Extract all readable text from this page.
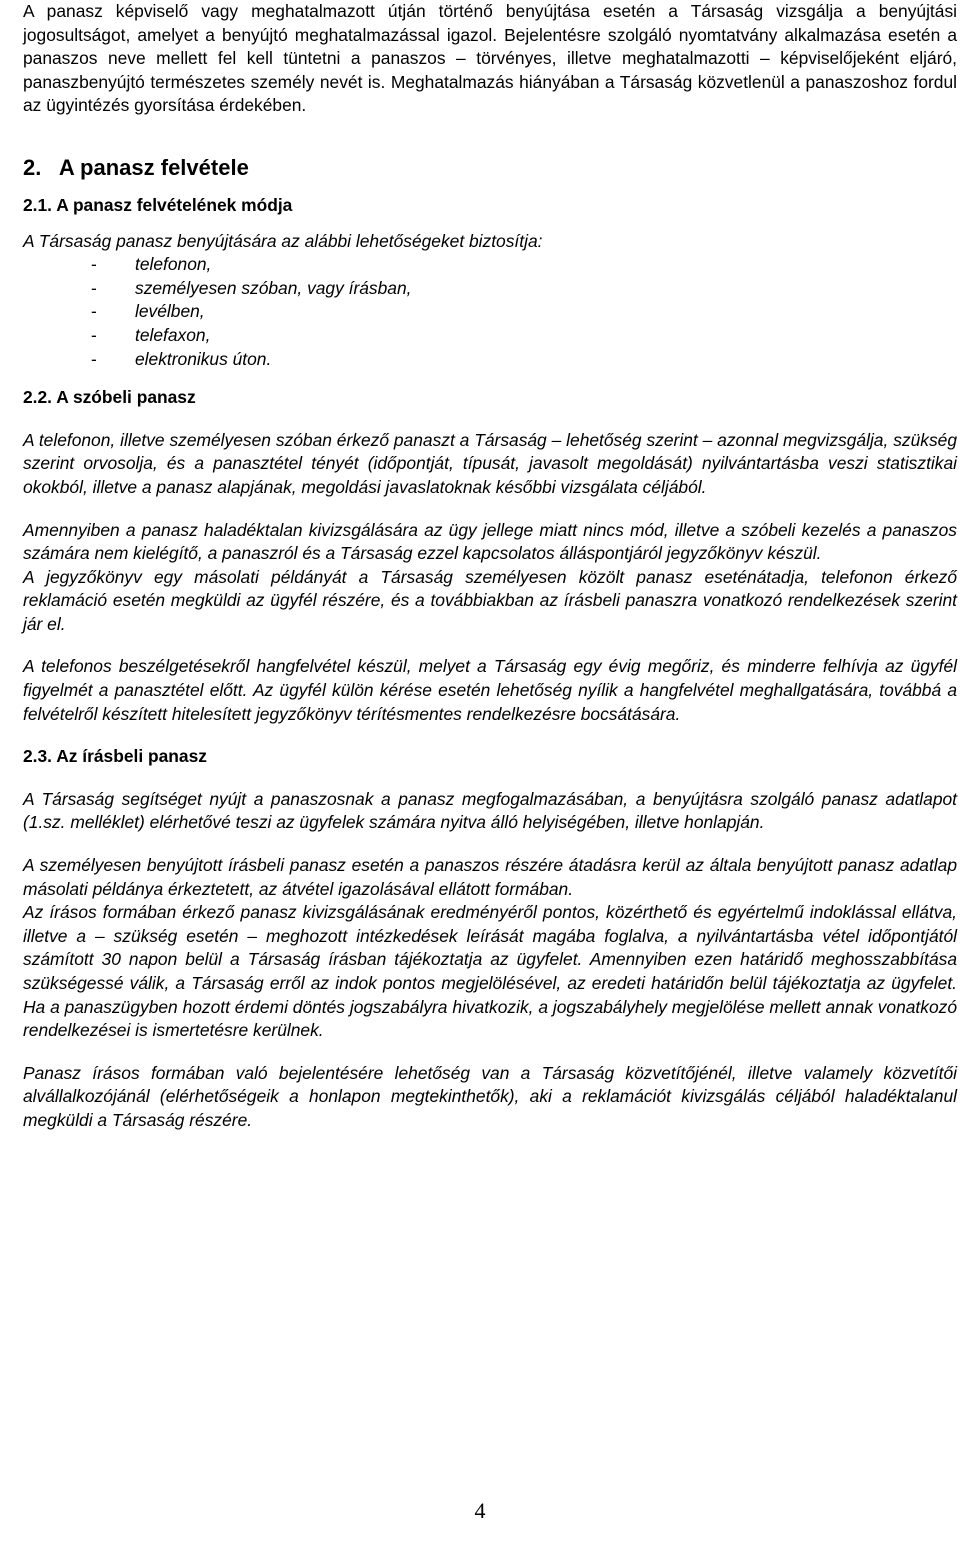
A panasz képviselő vagy meghatalmazott útján történő benyújtása esetén a Társaság vizsgálja a benyújtási jogosultságot, amelyet a benyújtó meghatalmazással igazol. Bejelentésre szolgáló nyomtatvány alkalmazása esetén a panaszos neve mellett fel kell tüntetni a panaszos – törvényes, illetve meghatalmazotti – képviselőjeként eljáró, panaszbenyújtó természetes személy nevét is. Meghatalmazás hiányában a Társaság közvetlenül a panaszoshoz fordul az ügyintézés gyorsítása érdekében.

2.   A panasz felvétele
2.1. A panasz felvételének módja

A Társaság panasz benyújtására az alábbi lehetőségeket biztosítja:

- telefonon,
- személyesen szóban, vagy írásban,
- levélben,
- telefaxon,
- elektronikus úton.
2.2. A szóbeli panasz

A telefonon, illetve személyesen szóban érkező panaszt a Társaság – lehetőség szerint – azonnal megvizsgálja, szükség szerint orvosolja, és a panasztétel tényét (időpontját, típusát, javasolt megoldását) nyilvántartásba veszi statisztikai okokból, illetve a panasz alapjának, megoldási javaslatoknak későbbi vizsgálata céljából.

Amennyiben a panasz haladéktalan kivizsgálására az ügy jellege miatt nincs mód, illetve a szóbeli kezelés a panaszos számára nem kielégítő, a panaszról és a Társaság ezzel kapcsolatos álláspontjáról jegyzőkönyv készül.

A jegyzőkönyv egy másolati példányát a Társaság személyesen közölt panasz eseténátadja, telefonon érkező reklamáció esetén megküldi az ügyfél részére, és a továbbiakban az írásbeli panaszra vonatkozó rendelkezések szerint jár el.

A telefonos beszélgetésekről hangfelvétel készül, melyet a Társaság egy évig megőriz, és minderre felhívja az ügyfél figyelmét a panasztétel előtt. Az ügyfél külön kérése esetén lehetőség nyílik a hangfelvétel meghallgatására, továbbá a felvételről készített hitelesített jegyzőkönyv térítésmentes rendelkezésre bocsátására.

2.3. Az írásbeli panasz

A Társaság segítséget nyújt a panaszosnak a panasz megfogalmazásában, a benyújtásra szolgáló panasz adatlapot (1.sz. melléklet) elérhetővé teszi az ügyfelek számára nyitva álló helyiségében, illetve honlapján.

A személyesen benyújtott írásbeli panasz esetén a panaszos részére átadásra kerül az általa benyújtott panasz adatlap másolati példánya érkeztetett, az átvétel igazolásával ellátott formában.

Az írásos formában érkező panasz kivizsgálásának eredményéről pontos, közérthető és egyértelmű indoklással ellátva, illetve a – szükség esetén – meghozott intézkedések leírását magába foglalva, a nyilvántartásba vétel időpontjától számított 30 napon belül a Társaság írásban tájékoztatja az ügyfelet. Amennyiben ezen határidő meghosszabbítása szükségessé válik, a Társaság erről az indok pontos megjelölésével, az eredeti határidőn belül tájékoztatja az ügyfelet. Ha a panaszügyben hozott érdemi döntés jogszabályra hivatkozik, a jogszabályhely megjelölése mellett annak vonatkozó rendelkezései is ismertetésre kerülnek.

Panasz írásos formában való bejelentésére lehetőség van a Társaság közvetítőjénél, illetve valamely közvetítői alvállalkozójánál (elérhetőségeik a honlapon megtekinthetők), aki a reklamációt kivizsgálás céljából haladéktalanul megküldi a Társaság részére.

4
